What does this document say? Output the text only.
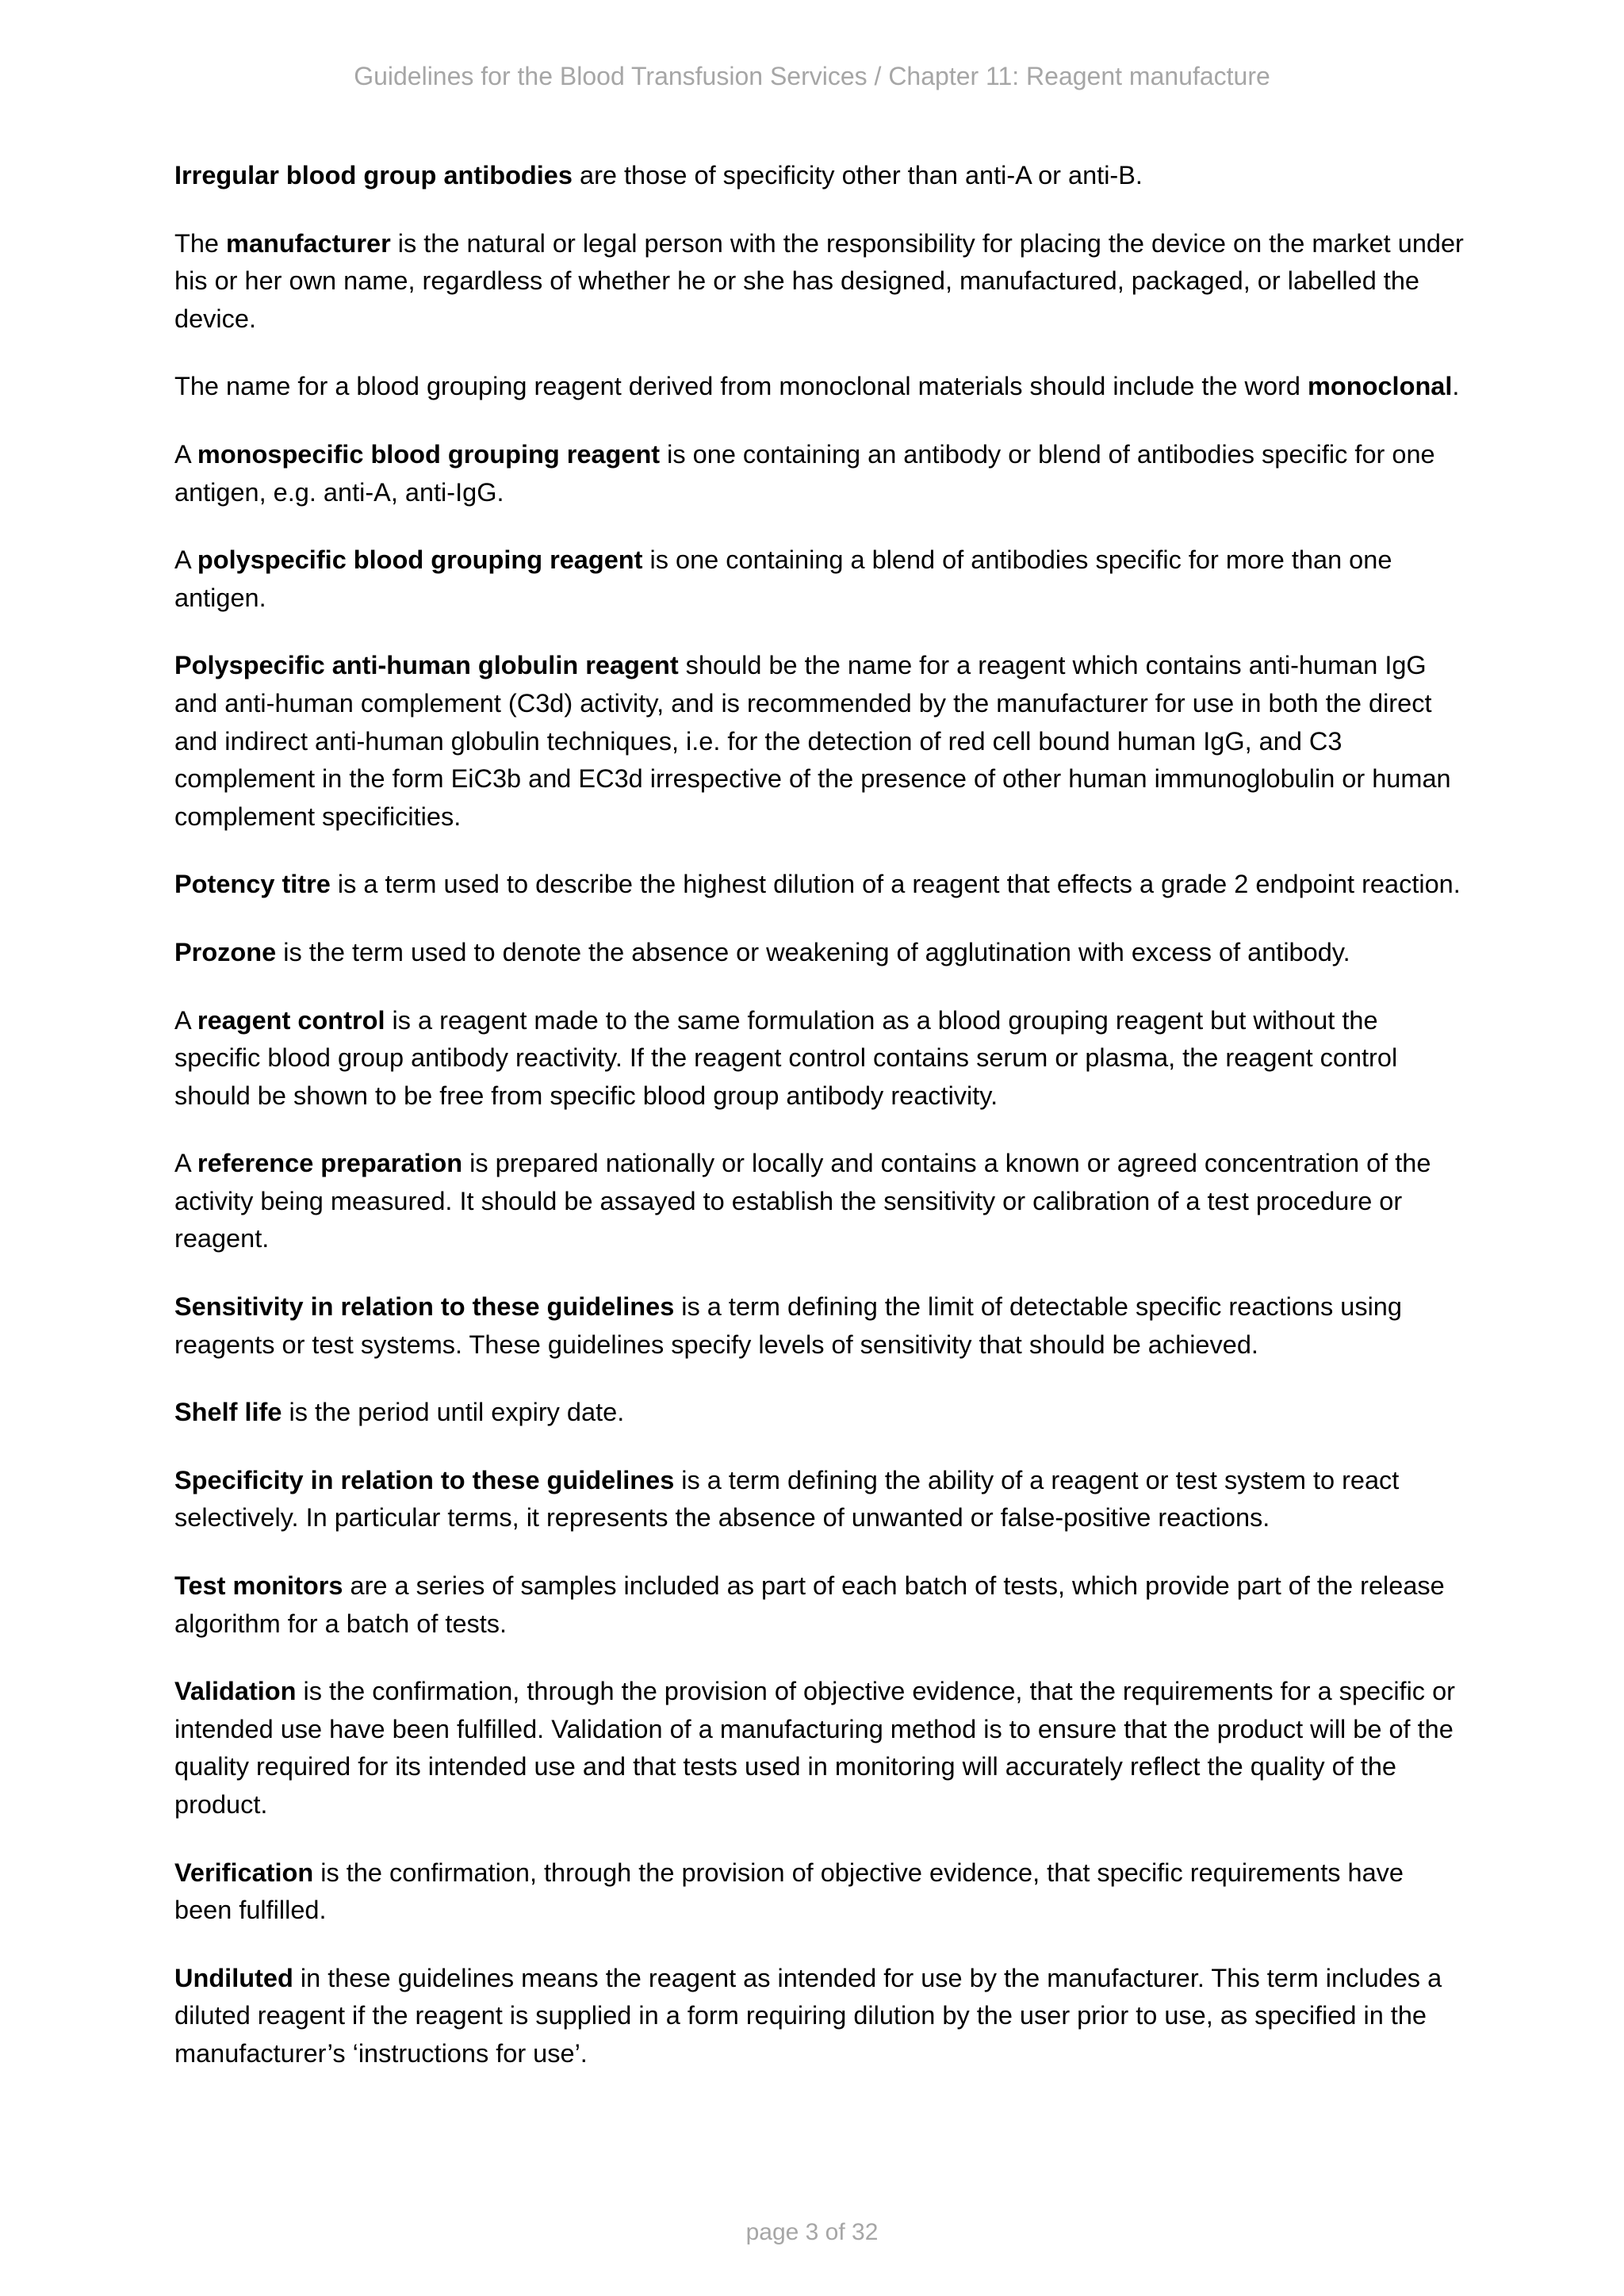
Guidelines for the Blood Transfusion Services / Chapter 11: Reagent manufacture

Irregular blood group antibodies are those of specificity other than anti-A or anti-B.

The manufacturer is the natural or legal person with the responsibility for placing the device on the market under his or her own name, regardless of whether he or she has designed, manufactured, packaged, or labelled the device.

The name for a blood grouping reagent derived from monoclonal materials should include the word monoclonal.

A monospecific blood grouping reagent is one containing an antibody or blend of antibodies specific for one antigen, e.g. anti-A, anti-IgG.

A polyspecific blood grouping reagent is one containing a blend of antibodies specific for more than one antigen.

Polyspecific anti-human globulin reagent should be the name for a reagent which contains anti-human IgG and anti-human complement (C3d) activity, and is recommended by the manufacturer for use in both the direct and indirect anti-human globulin techniques, i.e. for the detection of red cell bound human IgG, and C3 complement in the form EiC3b and EC3d irrespective of the presence of other human immunoglobulin or human complement specificities.

Potency titre is a term used to describe the highest dilution of a reagent that effects a grade 2 endpoint reaction.

Prozone is the term used to denote the absence or weakening of agglutination with excess of antibody.

A reagent control is a reagent made to the same formulation as a blood grouping reagent but without the specific blood group antibody reactivity. If the reagent control contains serum or plasma, the reagent control should be shown to be free from specific blood group antibody reactivity.

A reference preparation is prepared nationally or locally and contains a known or agreed concentration of the activity being measured. It should be assayed to establish the sensitivity or calibration of a test procedure or reagent.

Sensitivity in relation to these guidelines is a term defining the limit of detectable specific reactions using reagents or test systems. These guidelines specify levels of sensitivity that should be achieved.

Shelf life is the period until expiry date.

Specificity in relation to these guidelines is a term defining the ability of a reagent or test system to react selectively. In particular terms, it represents the absence of unwanted or false-positive reactions.

Test monitors are a series of samples included as part of each batch of tests, which provide part of the release algorithm for a batch of tests.

Validation is the confirmation, through the provision of objective evidence, that the requirements for a specific or intended use have been fulfilled. Validation of a manufacturing method is to ensure that the product will be of the quality required for its intended use and that tests used in monitoring will accurately reflect the quality of the product.

Verification is the confirmation, through the provision of objective evidence, that specific requirements have been fulfilled.

Undiluted in these guidelines means the reagent as intended for use by the manufacturer. This term includes a diluted reagent if the reagent is supplied in a form requiring dilution by the user prior to use, as specified in the manufacturer’s ‘instructions for use’.

page 3 of 32
